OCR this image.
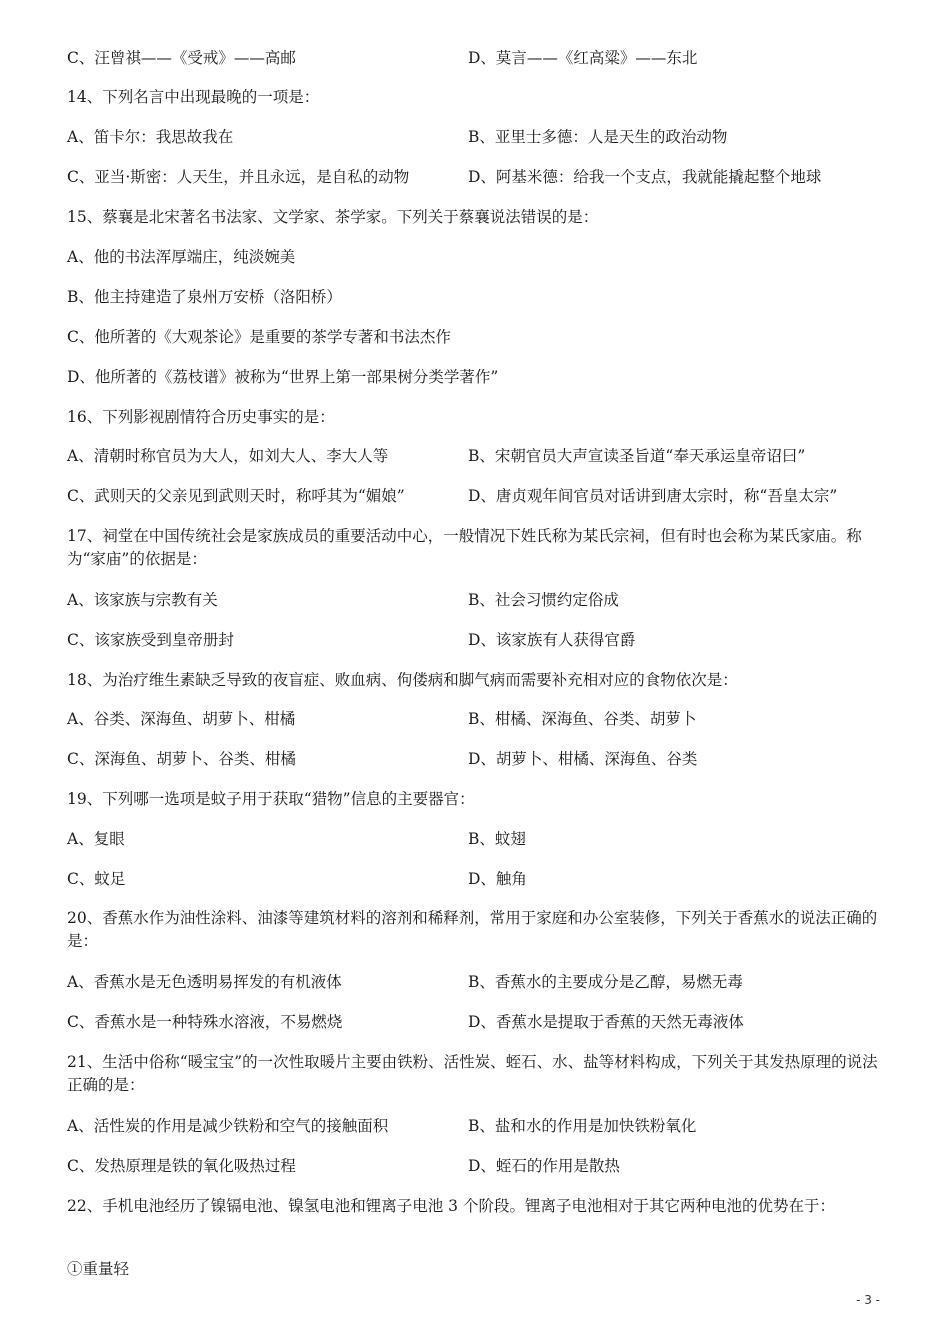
C、汪曾祺——《受戒》——高邮	D、莫言——《红高粱》——东北
14、下列名言中出现最晚的一项是：
A、笛卡尔：我思故我在	B、亚里士多德：人是天生的政治动物
C、亚当·斯密：人天生，并且永远，是自私的动物	D、阿基米德：给我一个支点，我就能撬起整个地球
15、蔡襄是北宋著名书法家、文学家、茶学家。下列关于蔡襄说法错误的是：
A、他的书法浑厚端庄，纯淡婉美
B、他主持建造了泉州万安桥（洛阳桥）
C、他所著的《大观茶论》是重要的茶学专著和书法杰作
D、他所著的《荔枝谱》被称为“世界上第一部果树分类学著作”
16、下列影视剧情符合历史事实的是：
A、清朝时称官员为大人，如刘大人、李大人等	B、宋朝官员大声宣读圣旨道“奉天承运皇帝诏曰”
C、武则天的父亲见到武则天时，称呼其为“媚娘”	D、唐贞观年间官员对话讲到唐太宗时，称“吾皇太宗”
17、祠堂在中国传统社会是家族成员的重要活动中心，一般情况下姓氏称为某氏宗祠，但有时也会称为某氏家庙。称为“家庙”的依据是：
A、该家族与宗教有关	B、社会习惯约定俗成
C、该家族受到皇帝册封	D、该家族有人获得官爵
18、为治疗维生素缺乏导致的夜盲症、败血病、佝偻病和脚气病而需要补充相对应的食物依次是：
A、谷类、深海鱼、胡萝卜、柑橘	B、柑橘、深海鱼、谷类、胡萝卜
C、深海鱼、胡萝卜、谷类、柑橘	D、胡萝卜、柑橘、深海鱼、谷类
19、下列哪一选项是蚊子用于获取“猎物”信息的主要器官：
A、复眼	B、蚊翅
C、蚊足	D、触角
20、香蕉水作为油性涂料、油漆等建筑材料的溶剂和稀释剂，常用于家庭和办公室装修，下列关于香蕉水的说法正确的是：
A、香蕉水是无色透明易挥发的有机液体	B、香蕉水的主要成分是乙醇，易燃无毒
C、香蕉水是一种特殊水溶液，不易燃烧	D、香蕉水是提取于香蕉的天然无毒液体
21、生活中俗称“暖宝宝”的一次性取暖片主要由铁粉、活性炭、蛭石、水、盐等材料构成，下列关于其发热原理的说法正确的是：
A、活性炭的作用是减少铁粉和空气的接触面积	B、盐和水的作用是加快铁粉氧化
C、发热原理是铁的氧化吸热过程	D、蛭石的作用是散热
22、手机电池经历了镍镉电池、镍氢电池和锂离子电池 3 个阶段。锂离子电池相对于其它两种电池的优势在于：
①重量轻
- 3 -
